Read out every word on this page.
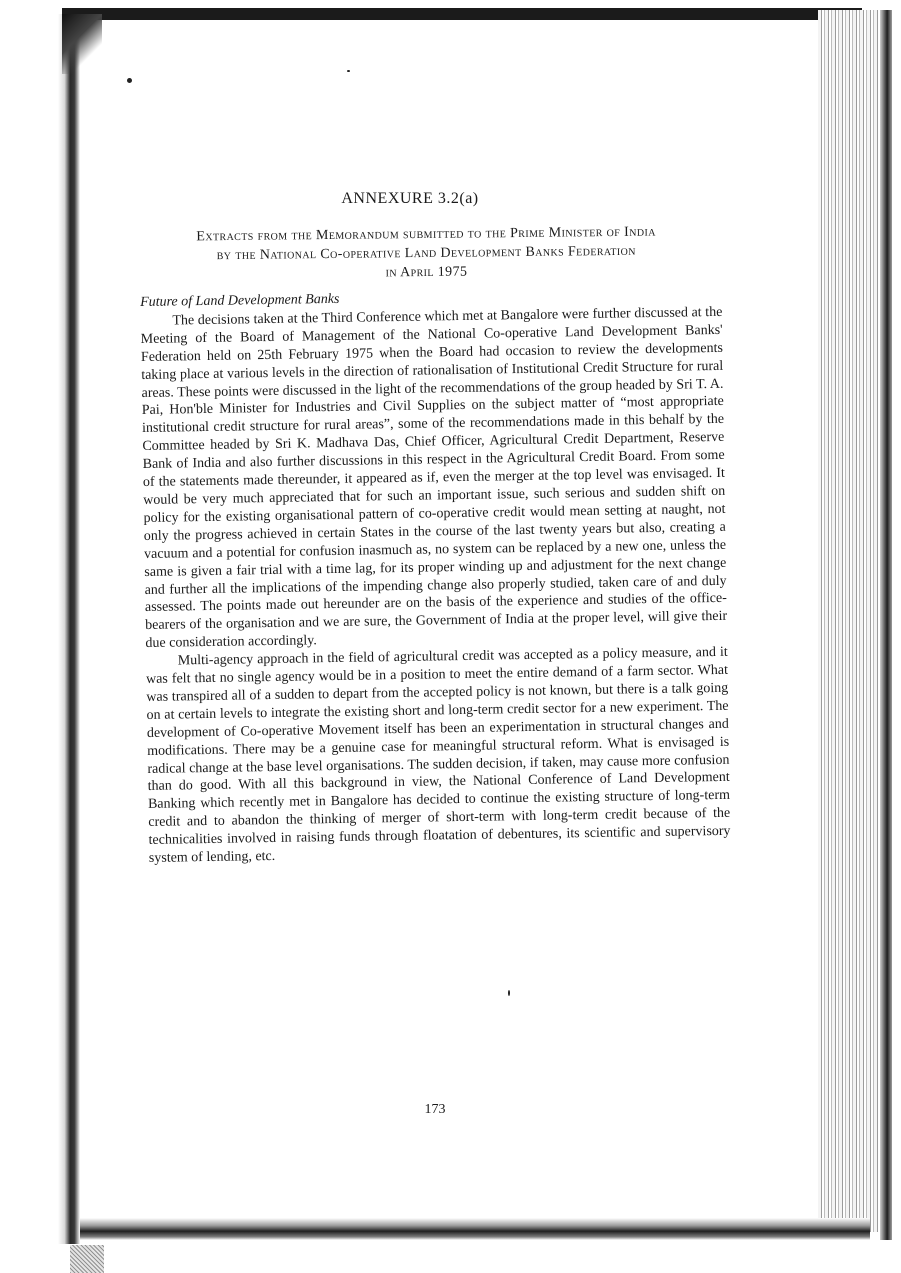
ANNEXURE 3.2(a)
Extracts from the Memorandum submitted to the Prime Minister of India
by the National Co-operative Land Development Banks Federation
in April 1975
Future of Land Development Banks

The decisions taken at the Third Conference which met at Bangalore were further discussed at the Meeting of the Board of Management of the National Co-operative Land Development Banks' Federation held on 25th February 1975 when the Board had occasion to review the developments taking place at various levels in the direction of rationalisation of Institutional Credit Structure for rural areas. These points were discussed in the light of the recommendations of the group headed by Sri T. A. Pai, Hon'ble Minister for Industries and Civil Supplies on the subject matter of “most appropriate institutional credit structure for rural areas”, some of the recommendations made in this behalf by the Committee headed by Sri K. Madhava Das, Chief Officer, Agricultural Credit Department, Reserve Bank of India and also further discussions in this respect in the Agricultural Credit Board. From some of the statements made thereunder, it appeared as if, even the merger at the top level was envisaged. It would be very much appreciated that for such an important issue, such serious and sudden shift on policy for the existing organisational pattern of co-operative credit would mean setting at naught, not only the progress achieved in certain States in the course of the last twenty years but also, creating a vacuum and a potential for confusion inasmuch as, no system can be replaced by a new one, unless the same is given a fair trial with a time lag, for its proper winding up and adjustment for the next change and further all the implications of the impending change also properly studied, taken care of and duly assessed. The points made out hereunder are on the basis of the experience and studies of the office-bearers of the organisation and we are sure, the Government of India at the proper level, will give their due consideration accordingly.

Multi-agency approach in the field of agricultural credit was accepted as a policy measure, and it was felt that no single agency would be in a position to meet the entire demand of a farm sector. What was transpired all of a sudden to depart from the accepted policy is not known, but there is a talk going on at certain levels to integrate the existing short and long-term credit sector for a new experiment. The development of Co-operative Movement itself has been an experimentation in structural changes and modifications. There may be a genuine case for meaningful structural reform. What is envisaged is radical change at the base level organisations. The sudden decision, if taken, may cause more confusion than do good. With all this background in view, the National Conference of Land Development Banking which recently met in Bangalore has decided to continue the existing structure of long-term credit and to abandon the thinking of merger of short-term with long-term credit because of the technicalities involved in raising funds through floatation of debentures, its scientific and supervisory system of lending, etc.

173
